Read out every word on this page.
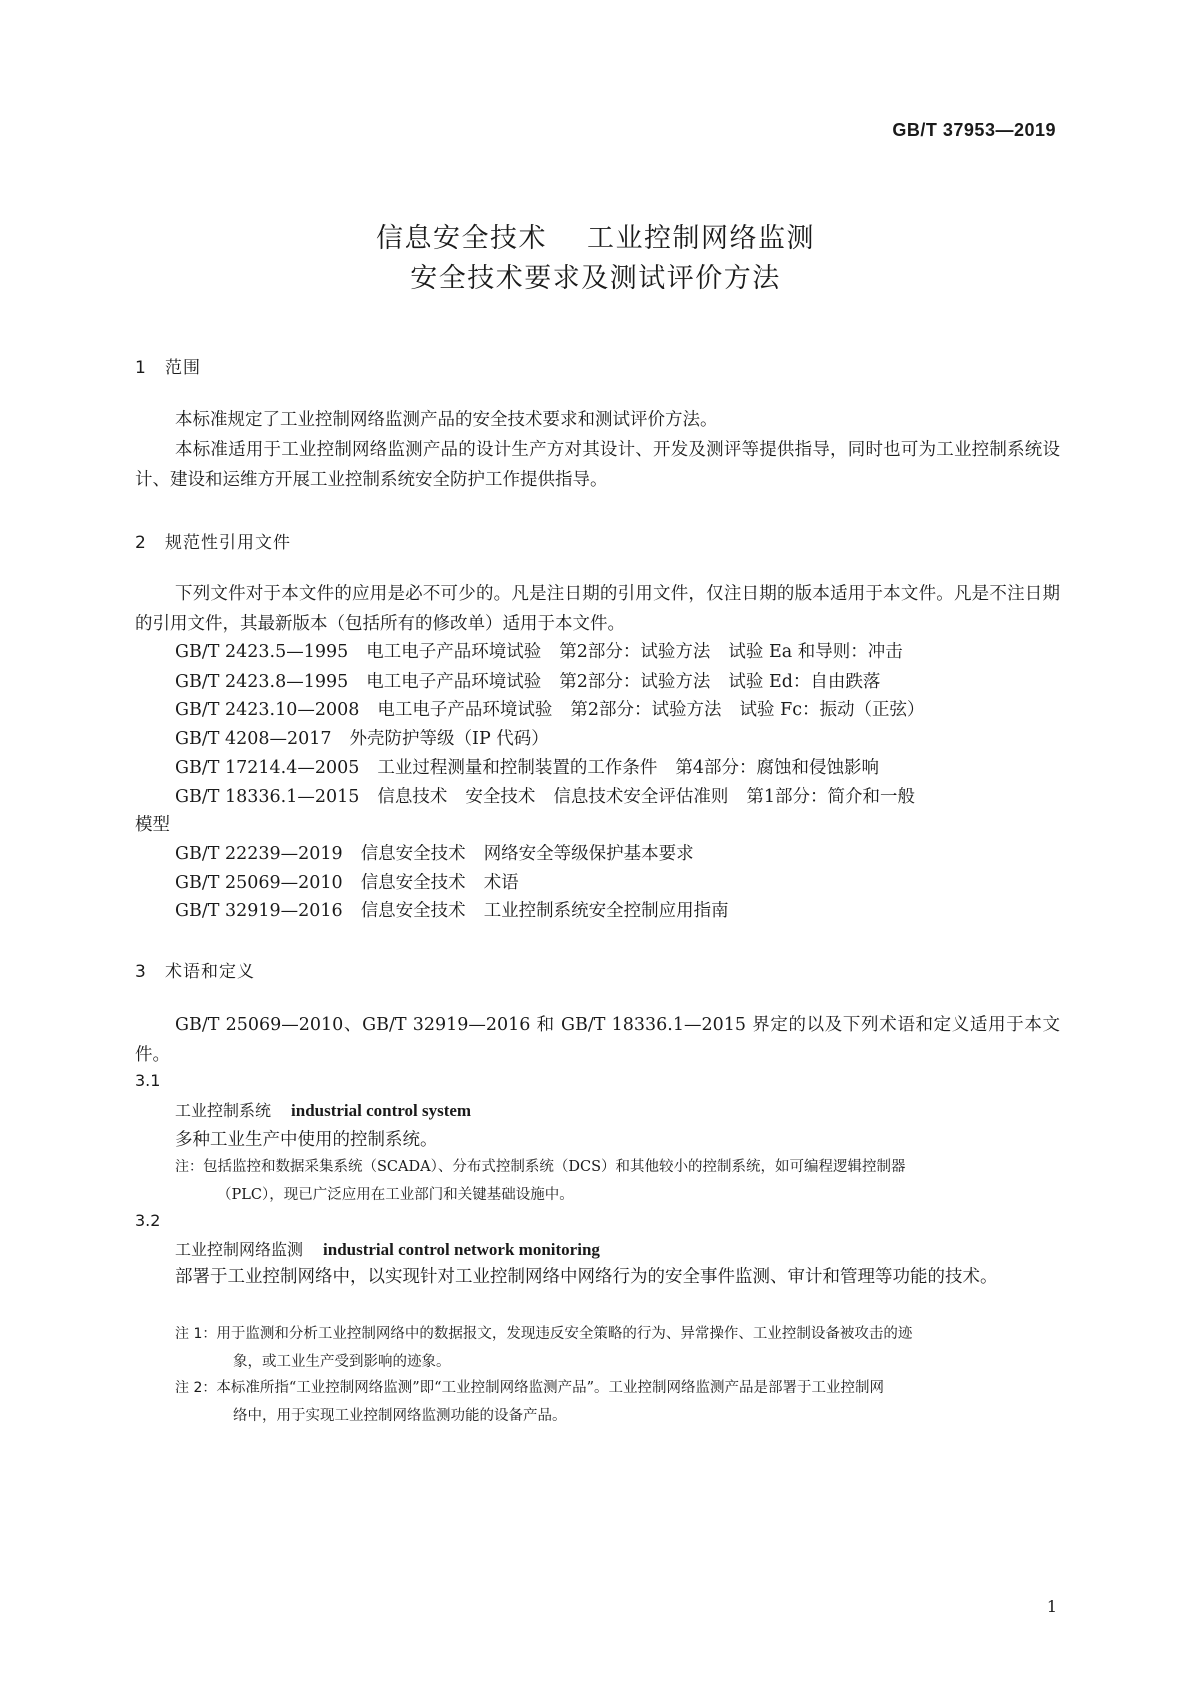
GB/T 37953—2019
信息安全技术 工业控制网络监测
安全技术要求及测试评价方法
1 范围

本标准规定了工业控制网络监测产品的安全技术要求和测试评价方法。

本标准适用于工业控制网络监测产品的设计生产方对其设计、开发及测评等提供指导，同时也可为工业控制系统设计、建设和运维方开展工业控制系统安全防护工作提供指导。

2 规范性引用文件

下列文件对于本文件的应用是必不可少的。凡是注日期的引用文件，仅注日期的版本适用于本文件。凡是不注日期的引用文件，其最新版本（包括所有的修改单）适用于本文件。

GB/T 2423.5—1995 电工电子产品环境试验 第2部分：试验方法 试验 Ea 和导则：冲击
GB/T 2423.8—1995 电工电子产品环境试验 第2部分：试验方法 试验 Ed：自由跌落
GB/T 2423.10—2008 电工电子产品环境试验 第2部分：试验方法 试验 Fc：振动（正弦）
GB/T 4208—2017 外壳防护等级（IP 代码）
GB/T 17214.4—2005 工业过程测量和控制装置的工作条件 第4部分：腐蚀和侵蚀影响
GB/T 18336.1—2015 信息技术 安全技术 信息技术安全评估准则 第1部分：简介和一般
模型
GB/T 22239—2019 信息安全技术 网络安全等级保护基本要求
GB/T 25069—2010 信息安全技术 术语
GB/T 32919—2016 信息安全技术 工业控制系统安全控制应用指南
3 术语和定义

GB/T 25069—2010、GB/T 32919—2016 和 GB/T 18336.1—2015 界定的以及下列术语和定义适用于本文件。

3.1
工业控制系统 industrial control system
多种工业生产中使用的控制系统。
注：包括监控和数据采集系统（SCADA）、分布式控制系统（DCS）和其他较小的控制系统，如可编程逻辑控制器
（PLC），现已广泛应用在工业部门和关键基础设施中。
3.2
工业控制网络监测 industrial control network monitoring

部署于工业控制网络中，以实现针对工业控制网络中网络行为的安全事件监测、审计和管理等功能的技术。

注 1：用于监测和分析工业控制网络中的数据报文，发现违反安全策略的行为、异常操作、工业控制设备被攻击的迹
象，或工业生产受到影响的迹象。
注 2：本标准所指“工业控制网络监测”即“工业控制网络监测产品”。工业控制网络监测产品是部署于工业控制网
络中，用于实现工业控制网络监测功能的设备产品。
1
